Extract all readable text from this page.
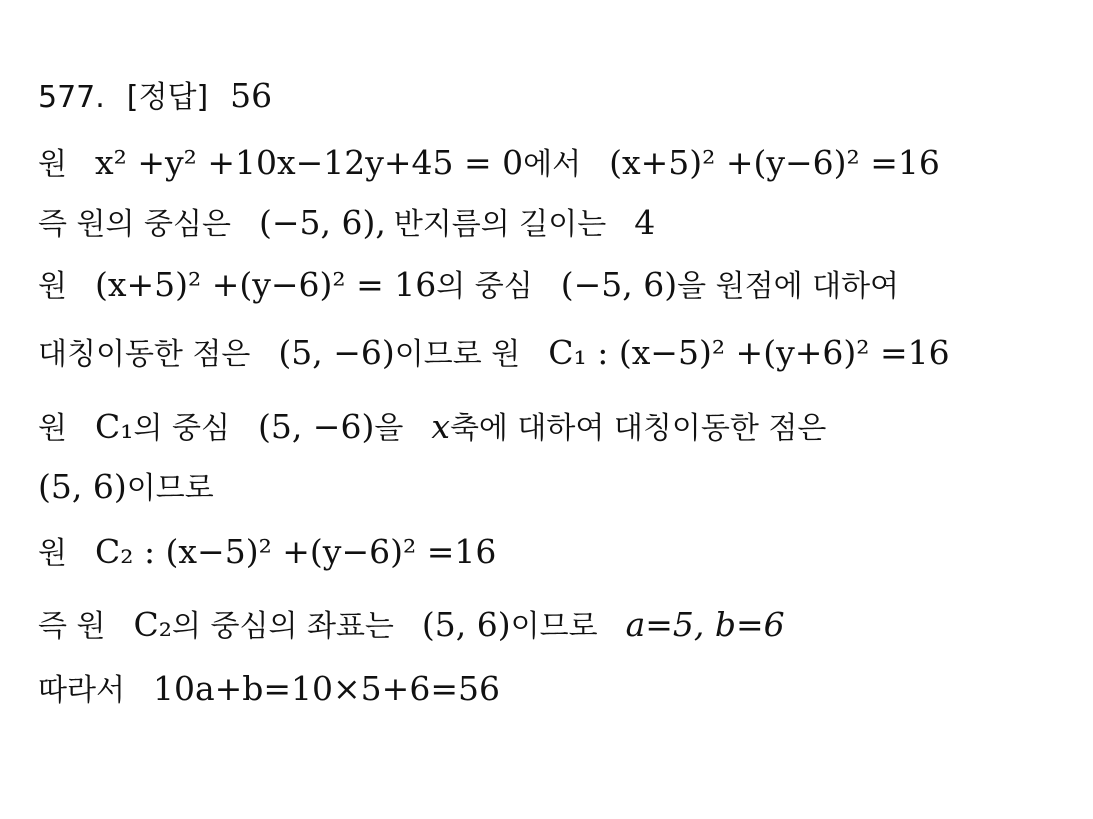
577. [정답] 56
원 x² +y² +10x−12y+45 = 0에서 (x+5)² +(y−6)² =16
즉 원의 중심은 (−5, 6), 반지름의 길이는 4
원 (x+5)² +(y−6)² = 16의 중심 (−5, 6)을 원점에 대하여
대칭이동한 점은 (5, −6)이므로 원 C₁ : (x−5)² +(y+6)² =16
원 C₁의 중심 (5, −6)을 x축에 대하여 대칭이동한 점은
(5, 6)이므로
원 C₂ : (x−5)² +(y−6)² =16
즉 원 C₂의 중심의 좌표는 (5, 6)이므로 a=5, b=6
따라서 10a+b=10×5+6=56
